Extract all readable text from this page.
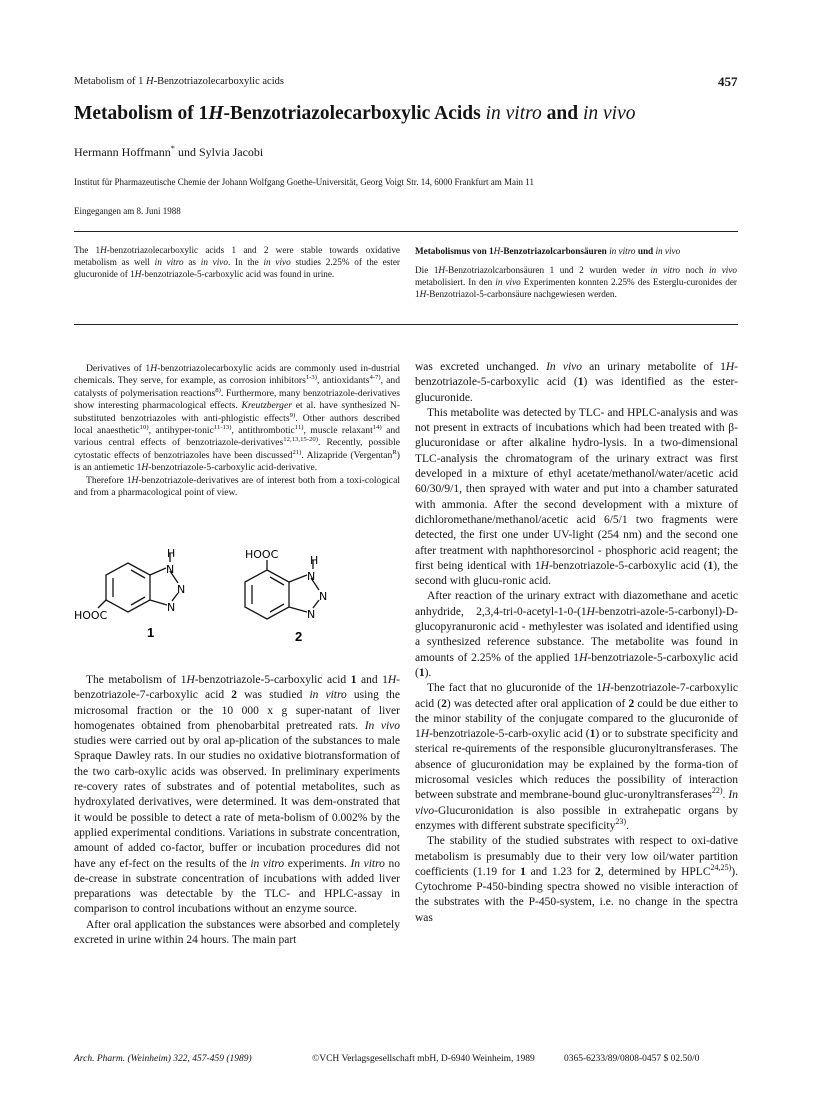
Metabolism of 1 H-Benzotriazolecarboxylic acids	457
Metabolism of 1H-Benzotriazolecarboxylic Acids in vitro and in vivo
Hermann Hoffmann* und Sylvia Jacobi
Institut für Pharmazeutische Chemie der Johann Wolfgang Goethe-Universität, Georg Voigt Str. 14, 6000 Frankfurt am Main 11
Eingegangen am 8. Juni 1988
The 1H-benzotriazolecarboxylic acids 1 and 2 were stable towards oxidative metabolism as well in vitro as in vivo. In the in vivo studies 2.25% of the ester glucuronide of 1H-benzotriazole-5-carboxylic acid was found in urine.
Metabolismus von 1H-Benzotriazolcarbonsäuren in vitro und in vivo
Die 1H-Benzotriazolcarbonsäuren 1 und 2 wurden weder in vitro noch in vivo metabolisiert. In den in vivo Experimenten konnten 2.25% des Esterglu-curonides der 1H-Benzotriazol-5-carbonsäure nachgewiesen werden.

Derivatives of 1H-benzotriazolecarboxylic acids are commonly used in-dustrial chemicals. They serve, for example, as corrosion inhibitors$^{1-3)}$, antioxidants$^{4-7)}$, and catalysts of polymerisation reactions$^{8)}$. Furthermore, many benzotriazole-derivatives show interesting pharmacological effects. Kreutzberger et al. have synthesized N-substituted benzotriazoles with anti-phlogistic effects$^{9)}$. Other authors described local anaesthetic$^{10)}$, antihyper-tonic$^{11-13)}$, antithrombotic$^{11)}$, muscle relaxant$^{14)}$ and various central effects of benzotriazole-derivatives$^{12,13,15-20)}$. Recently, possible cytostatic effects of benzotriazoles have been discussed$^{21)}$. Alizapride (Vergentan$^R$) is an antiemetic 1H-benzotriazole-5-carboxylic acid-derivative.

Therefore 1H-benzotriazole-derivatives are of interest both from a toxi-cological and from a pharmacological point of view.

H
N
N
N
HOOC
1
HOOC	H
N
N
N
2

The metabolism of 1H-benzotriazole-5-carboxylic acid 1 and 1H-benzotriazole-7-carboxylic acid 2 was studied in vitro using the microsomal fraction or the 10 000 x g super-natant of liver homogenates obtained from phenobarbital pretreated rats. In vivo studies were carried out by oral ap-plication of the substances to male Spraque Dawley rats. In our studies no oxidative biotransformation of the two carb-oxylic acids was observed. In preliminary experiments re-covery rates of substrates and of potential metabolites, such as hydroxylated derivatives, were determined. It was dem-onstrated that it would be possible to detect a rate of meta-bolism of 0.002% by the applied experimental conditions. Variations in substrate concentration, amount of added co-factor, buffer or incubation procedures did not have any ef-fect on the results of the in vitro experiments. In vitro no de-crease in substrate concentration of incubations with added liver preparations was detectable by the TLC- and HPLC-assay in comparison to control incubations without an enzyme source.

After oral application the substances were absorbed and completely excreted in urine within 24 hours. The main part

was excreted unchanged. In vivo an urinary metabolite of 1H-benzotriazole-5-carboxylic acid (1) was identified as the ester-glucuronide.

This metabolite was detected by TLC- and HPLC-analysis and was not present in extracts of incubations which had been treated with β-glucuronidase or after alkaline hydro-lysis. In a two-dimensional TLC-analysis the chromatogram of the urinary extract was first developed in a mixture of ethyl acetate/methanol/water/acetic acid 60/30/9/1, then sprayed with water and put into a chamber saturated with ammonia. After the second development with a mixture of dichloromethane/methanol/acetic acid 6/5/1 two fragments were detected, the first one under UV-light (254 nm) and the second one after treatment with naphthoresorcinol - phosphoric acid reagent; the first being identical with 1H-benzotriazole-5-carboxylic acid (1), the second with glucu-ronic acid.

After reaction of the urinary extract with diazomethane and acetic anhydride, 2,3,4-tri-0-acetyl-1-0-(1H-benzotri-azole-5-carbonyl)-D-glucopyranuronic acid - methylester was isolated and identified using a synthesized reference substance. The metabolite was found in amounts of 2.25% of the applied 1H-benzotriazole-5-carboxylic acid (1).

The fact that no glucuronide of the 1H-benzotriazole-7-carboxylic acid (2) was detected after oral application of 2 could be due either to the minor stability of the conjugate compared to the glucuronide of 1H-benzotriazole-5-carb-oxylic acid (1) or to substrate specificity and sterical re-quirements of the responsible glucuronyltransferases. The absence of glucuronidation may be explained by the forma-tion of microsomal vesicles which reduces the possibility of interaction between substrate and membrane-bound gluc-uronyltransferases$^{22)}$. In vivo-Glucuronidation is also possible in extrahepatic organs by enzymes with different substrate specificity$^{23)}$.

The stability of the studied substrates with respect to oxi-dative metabolism is presumably due to their very low oil/water partition coefficients (1.19 for 1 and 1.23 for 2, determined by HPLC$^{24,25)}$). Cytochrome P-450-binding spectra showed no visible interaction of the substrates with the P-450-system, i.e. no change in the spectra was

Arch. Pharm. (Weinheim) 322, 457-459 (1989)	©VCH Verlagsgesellschaft mbH, D-6940 Weinheim, 1989	0365-6233/89/0808-0457 $ 02.50/0
